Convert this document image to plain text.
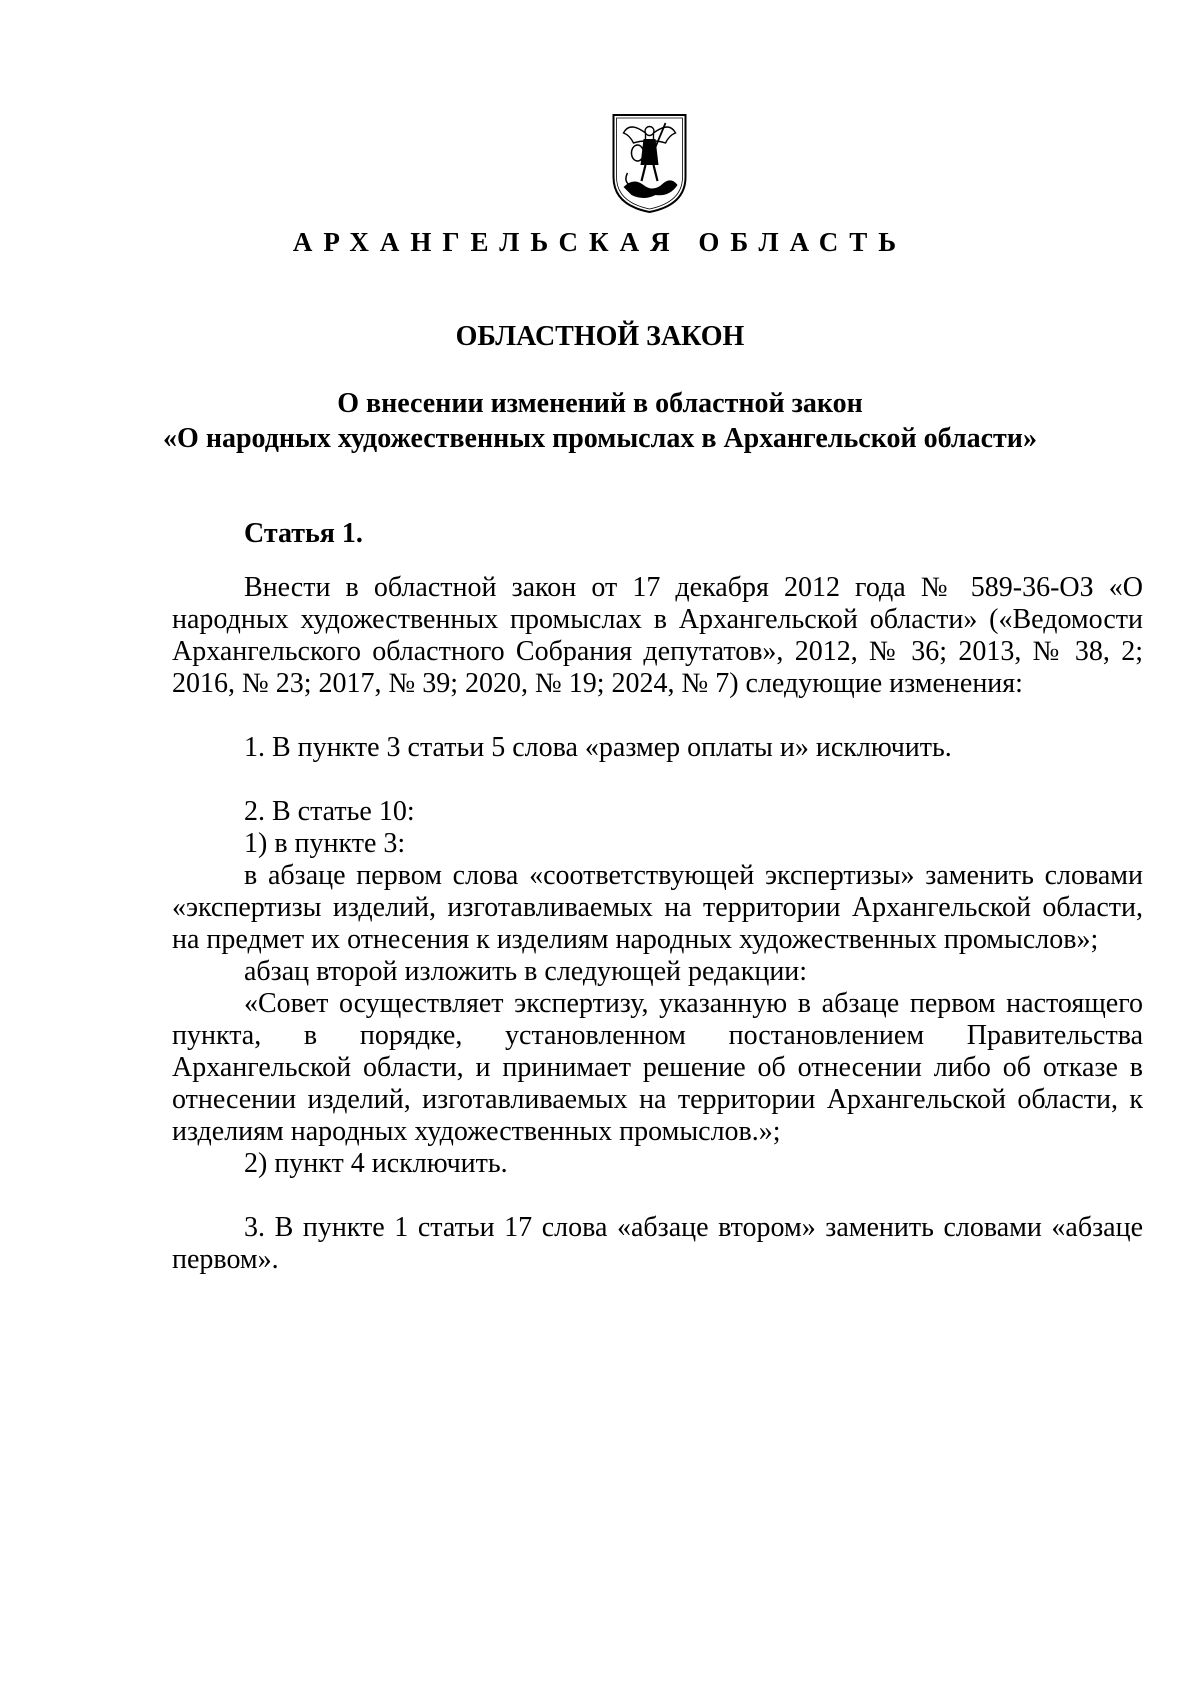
АРХАНГЕЛЬСКАЯ ОБЛАСТЬ
ОБЛАСТНОЙ ЗАКОН
О внесении изменений в областной закон
«О народных художественных промыслах в Архангельской области»
Статья 1.

Внести в областной закон от 17 декабря 2012 года № 589-36-ОЗ «О народных художественных промыслах в Архангельской области» («Ведомости Архангельского областного Собрания депутатов», 2012, № 36; 2013, № 38, 2; 2016, № 23; 2017, № 39; 2020, № 19; 2024, № 7) следующие изменения:

1. В пункте 3 статьи 5 слова «размер оплаты и» исключить.

2. В статье 10:

1) в пункте 3:

в абзаце первом слова «соответствующей экспертизы» заменить словами «экспертизы изделий, изготавливаемых на территории Архангельской области, на предмет их отнесения к изделиям народных художественных промыслов»;

абзац второй изложить в следующей редакции:

«Совет осуществляет экспертизу, указанную в абзаце первом настоящего пункта, в порядке, установленном постановлением Правительства Архангельской области, и принимает решение об отнесении либо об отказе в отнесении изделий, изготавливаемых на территории Архангельской области, к изделиям народных художественных промыслов.»;

2) пункт 4 исключить.

3. В пункте 1 статьи 17 слова «абзаце втором» заменить словами «абзаце первом».
